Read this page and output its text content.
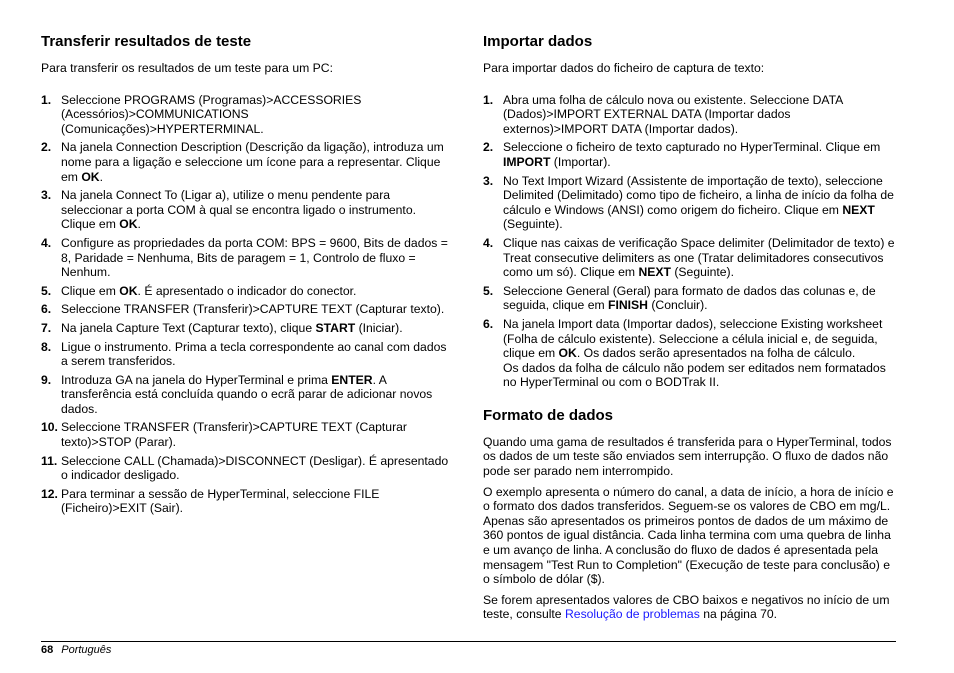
Transferir resultados de teste

Para transferir os resultados de um teste para um PC:

1. Seleccione PROGRAMS (Programas)>ACCESSORIES (Acessórios)>COMMUNICATIONS (Comunicações)>HYPERTERMINAL.
2. Na janela Connection Description (Descrição da ligação), introduza um nome para a ligação e seleccione um ícone para a representar. Clique em OK.
3. Na janela Connect To (Ligar a), utilize o menu pendente para seleccionar a porta COM à qual se encontra ligado o instrumento. Clique em OK.
4. Configure as propriedades da porta COM: BPS = 9600, Bits de dados = 8, Paridade = Nenhuma, Bits de paragem = 1, Controlo de fluxo = Nenhum.
5. Clique em OK. É apresentado o indicador do conector.
6. Seleccione TRANSFER (Transferir)>CAPTURE TEXT (Capturar texto).
7. Na janela Capture Text (Capturar texto), clique START (Iniciar).
8. Ligue o instrumento. Prima a tecla correspondente ao canal com dados a serem transferidos.
9. Introduza GA na janela do HyperTerminal e prima ENTER. A transferência está concluída quando o ecrã parar de adicionar novos dados.
10. Seleccione TRANSFER (Transferir)>CAPTURE TEXT (Capturar texto)>STOP (Parar).
11. Seleccione CALL (Chamada)>DISCONNECT (Desligar). É apresentado o indicador desligado.
12. Para terminar a sessão de HyperTerminal, seleccione FILE (Ficheiro)>EXIT (Sair).
Importar dados

Para importar dados do ficheiro de captura de texto:

1. Abra uma folha de cálculo nova ou existente. Seleccione DATA (Dados)>IMPORT EXTERNAL DATA (Importar dados externos)>IMPORT DATA (Importar dados).
2. Seleccione o ficheiro de texto capturado no HyperTerminal. Clique em IMPORT (Importar).
3. No Text Import Wizard (Assistente de importação de texto), seleccione Delimited (Delimitado) como tipo de ficheiro, a linha de início da folha de cálculo e Windows (ANSI) como origem do ficheiro. Clique em NEXT (Seguinte).
4. Clique nas caixas de verificação Space delimiter (Delimitador de texto) e Treat consecutive delimiters as one (Tratar delimitadores consecutivos como um só). Clique em NEXT (Seguinte).
5. Seleccione General (Geral) para formato de dados das colunas e, de seguida, clique em FINISH (Concluir).
6. Na janela Import data (Importar dados), seleccione Existing worksheet (Folha de cálculo existente). Seleccione a célula inicial e, de seguida, clique em OK. Os dados serão apresentados na folha de cálculo.
Os dados da folha de cálculo não podem ser editados nem formatados no HyperTerminal ou com o BODTrak II.
Formato de dados

Quando uma gama de resultados é transferida para o HyperTerminal, todos os dados de um teste são enviados sem interrupção. O fluxo de dados não pode ser parado nem interrompido.

O exemplo apresenta o número do canal, a data de início, a hora de início e o formato dos dados transferidos. Seguem-se os valores de CBO em mg/L. Apenas são apresentados os primeiros pontos de dados de um máximo de 360 pontos de igual distância. Cada linha termina com uma quebra de linha e um avanço de linha. A conclusão do fluxo de dados é apresentada pela mensagem "Test Run to Completion" (Execução de teste para conclusão) e o símbolo de dólar ($).

Se forem apresentados valores de CBO baixos e negativos no início de um teste, consulte Resolução de problemas na página 70.

68 Português
